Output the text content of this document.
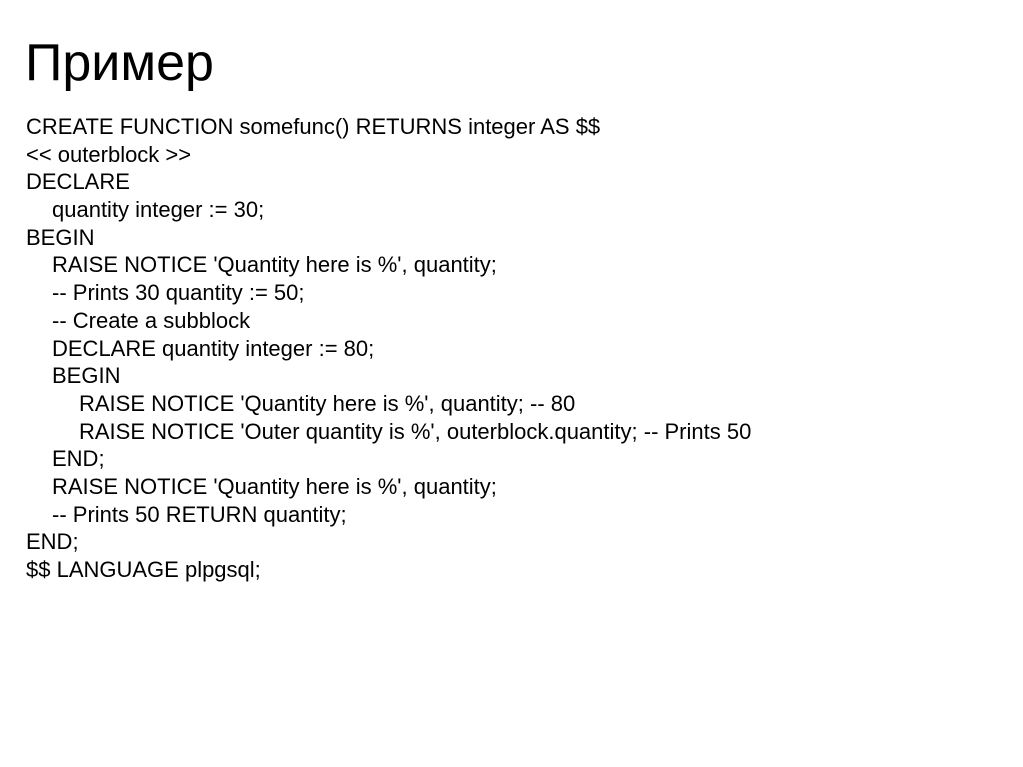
Пример
CREATE FUNCTION somefunc() RETURNS integer AS $$
<< outerblock >>
DECLARE
quantity integer := 30;
BEGIN
RAISE NOTICE 'Quantity here is %', quantity;
-- Prints 30 quantity := 50;
-- Create a subblock
DECLARE quantity integer := 80;
BEGIN
RAISE NOTICE 'Quantity here is %', quantity; -- 80
RAISE NOTICE 'Outer quantity is %', outerblock.quantity; -- Prints 50
END;
RAISE NOTICE 'Quantity here is %', quantity;
-- Prints 50 RETURN quantity;
END;
$$ LANGUAGE plpgsql;
